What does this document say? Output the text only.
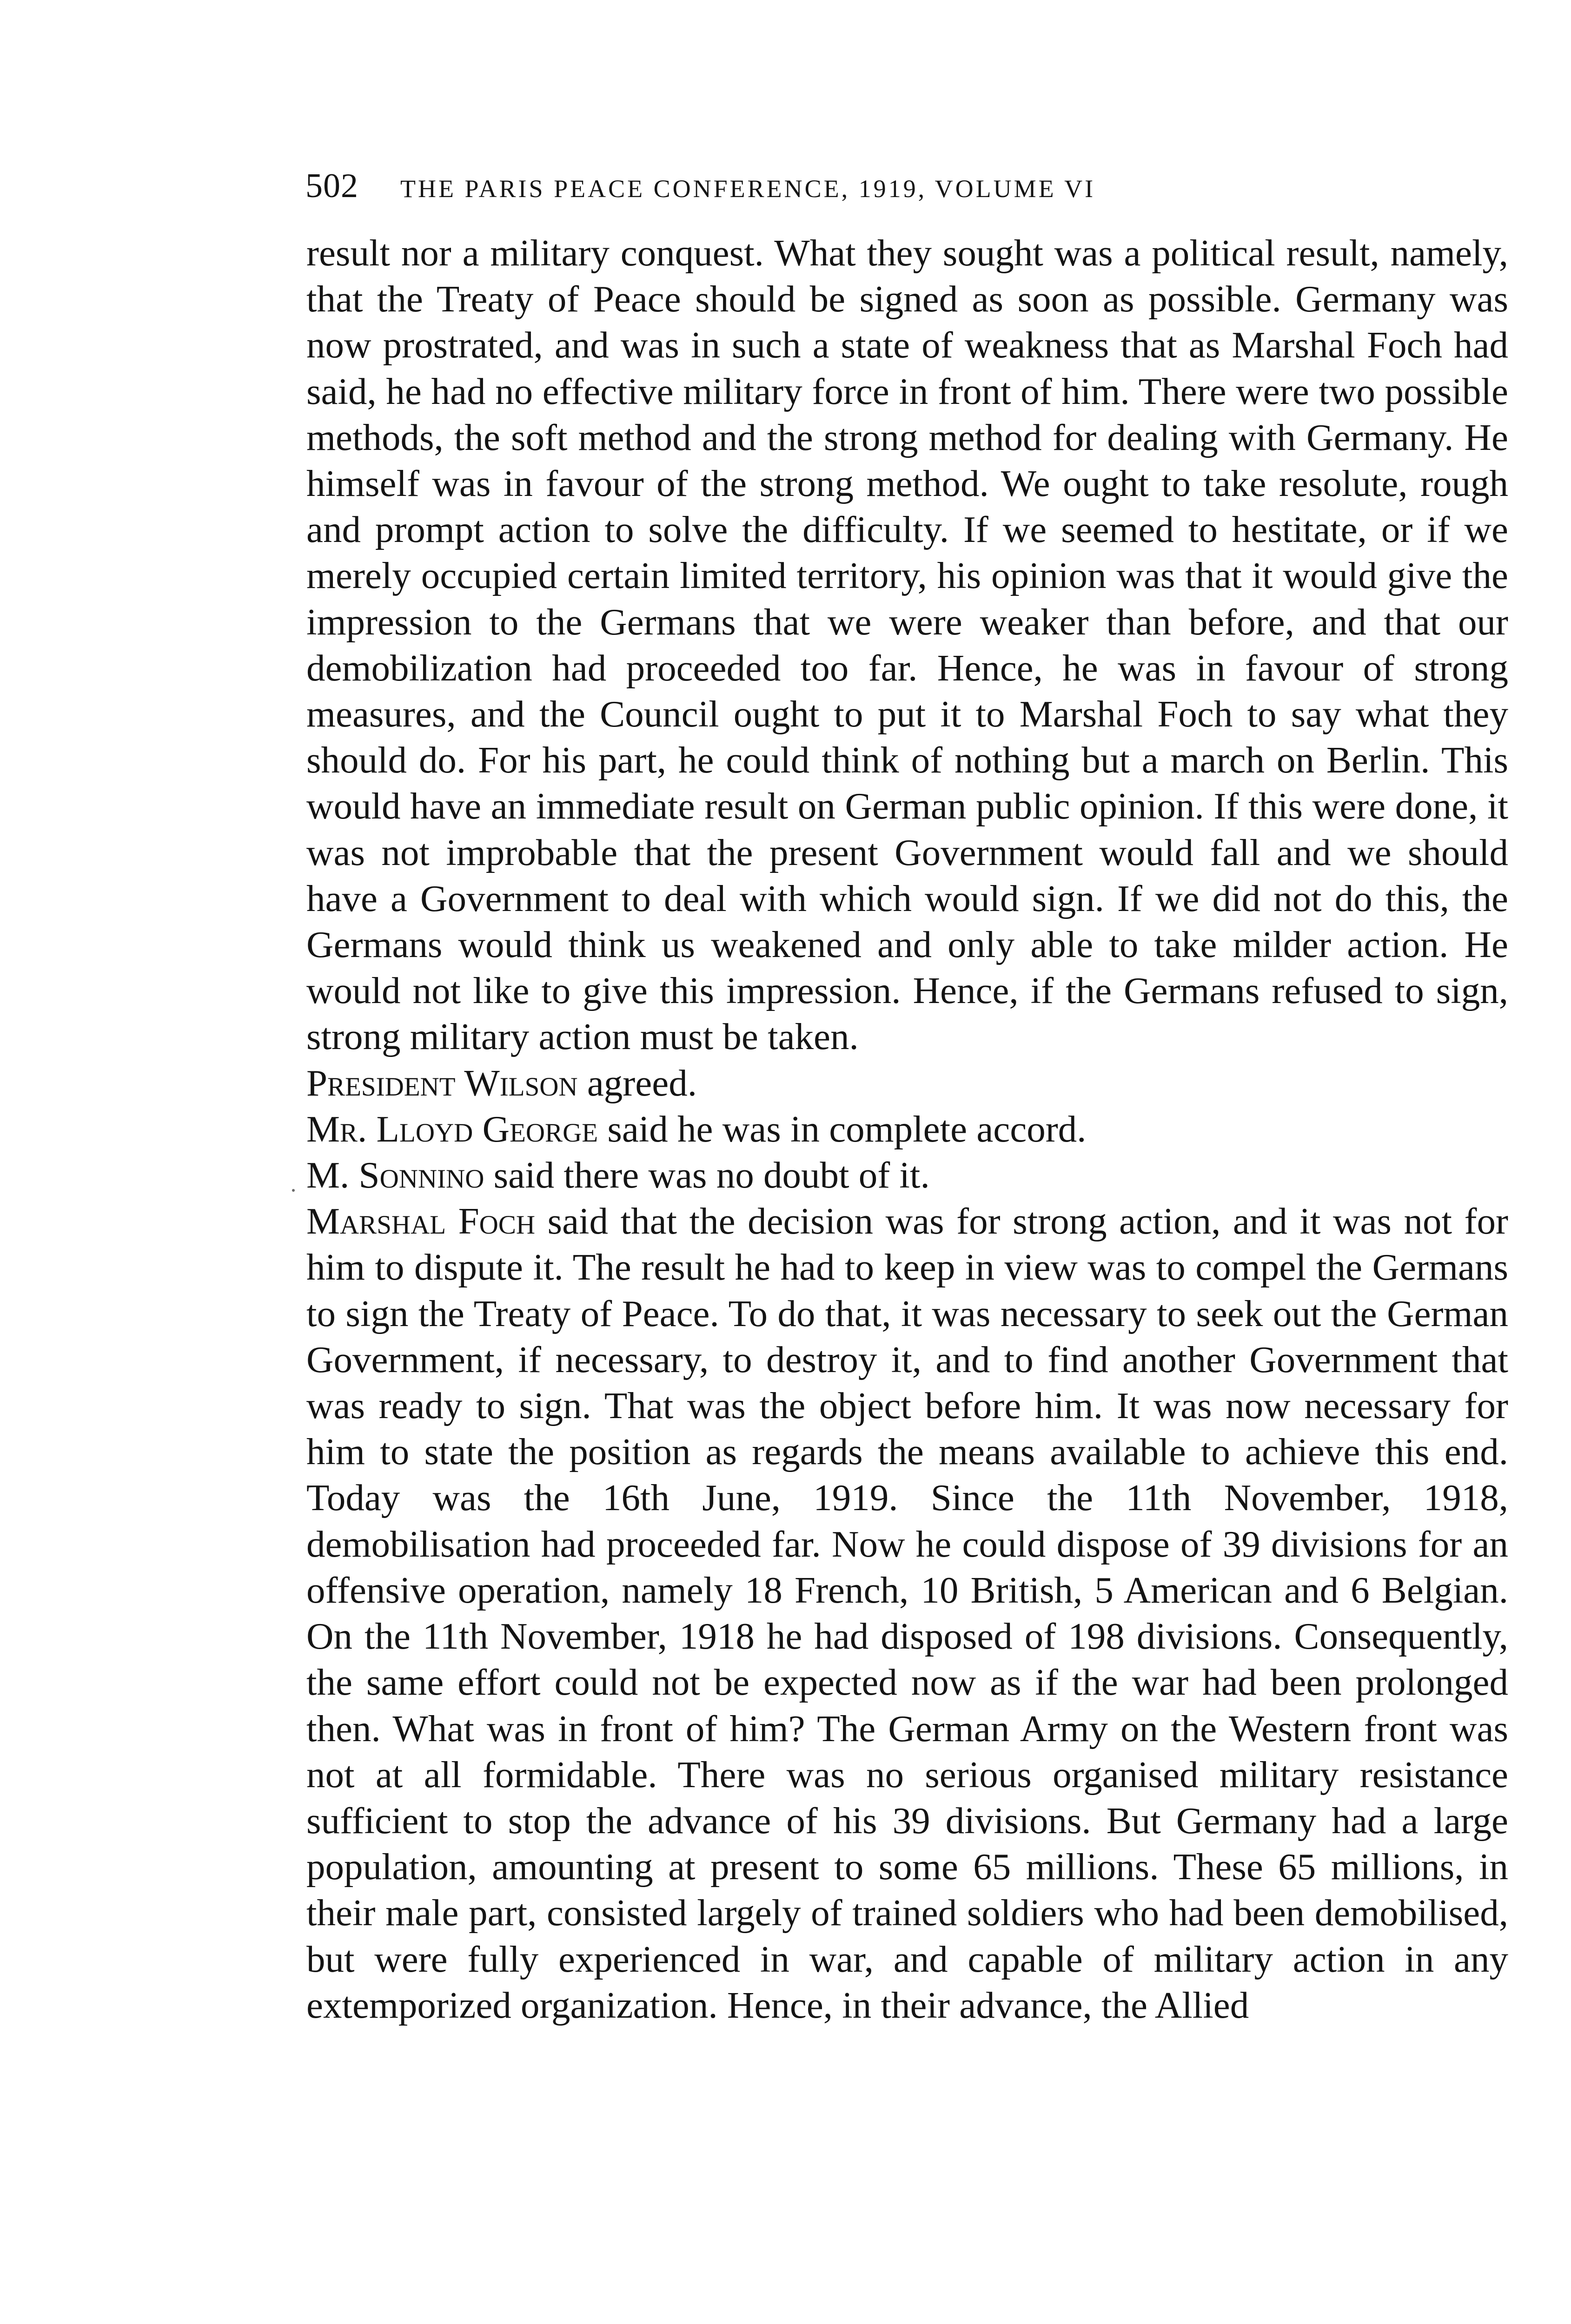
502 THE PARIS PEACE CONFERENCE, 1919, VOLUME VI

result nor a military conquest. What they sought was a political result, namely, that the Treaty of Peace should be signed as soon as possible. Germany was now prostrated, and was in such a state of weakness that as Marshal Foch had said, he had no effective military force in front of him. There were two possible methods, the soft method and the strong method for dealing with Germany. He himself was in favour of the strong method. We ought to take resolute, rough and prompt action to solve the difficulty. If we seemed to hestitate, or if we merely occupied certain limited territory, his opinion was that it would give the impression to the Germans that we were weaker than before, and that our demobilization had proceeded too far. Hence, he was in favour of strong measures, and the Council ought to put it to Marshal Foch to say what they should do. For his part, he could think of nothing but a march on Berlin. This would have an immediate result on German public opinion. If this were done, it was not improbable that the present Government would fall and we should have a Government to deal with which would sign. If we did not do this, the Germans would think us weakened and only able to take milder action. He would not like to give this impression. Hence, if the Germans refused to sign, strong military action must be taken.

President Wilson agreed.

Mr. Lloyd George said he was in complete accord.

M. Sonnino said there was no doubt of it.

Marshal Foch said that the decision was for strong action, and it was not for him to dispute it. The result he had to keep in view was to compel the Germans to sign the Treaty of Peace. To do that, it was necessary to seek out the German Government, if necessary, to destroy it, and to find another Government that was ready to sign. That was the object before him. It was now necessary for him to state the position as regards the means available to achieve this end. Today was the 16th June, 1919. Since the 11th November, 1918, demobilisation had proceeded far. Now he could dispose of 39 divisions for an offensive operation, namely 18 French, 10 British, 5 American and 6 Belgian. On the 11th November, 1918 he had disposed of 198 divisions. Consequently, the same effort could not be expected now as if the war had been prolonged then. What was in front of him? The German Army on the Western front was not at all formidable. There was no serious organised military resistance sufficient to stop the advance of his 39 divisions. But Germany had a large population, amounting at present to some 65 millions. These 65 millions, in their male part, consisted largely of trained soldiers who had been demobilised, but were fully experienced in war, and capable of military action in any extemporized organization. Hence, in their advance, the Allied
